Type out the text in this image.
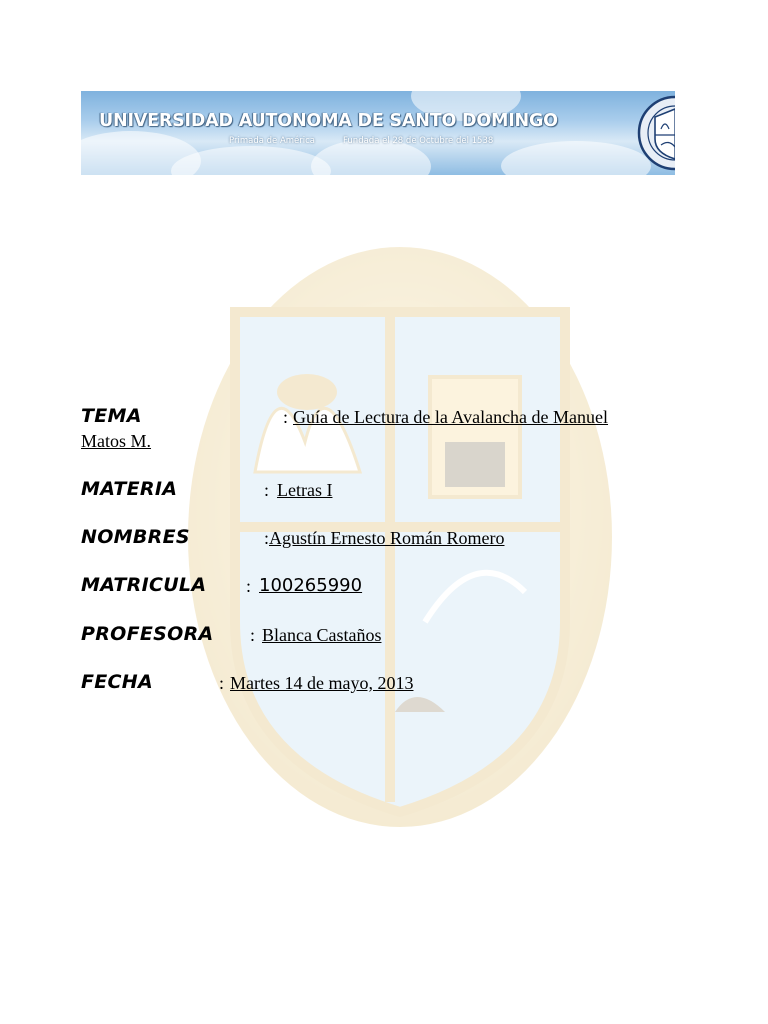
UNIVERSIDAD AUTONOMA DE SANTO DOMINGO
Primada de América	Fundada el 28 de Octubre del 1538
TEMA	: Guía de Lectura de la Avalancha de Manuel
Matos M.
MATERIA	: Letras I
NOMBRES	: Agustín Ernesto Román Romero
MATRICULA : 100265990
PROFESORA : Blanca Castaños
FECHA	: Martes 14 de mayo, 2013
